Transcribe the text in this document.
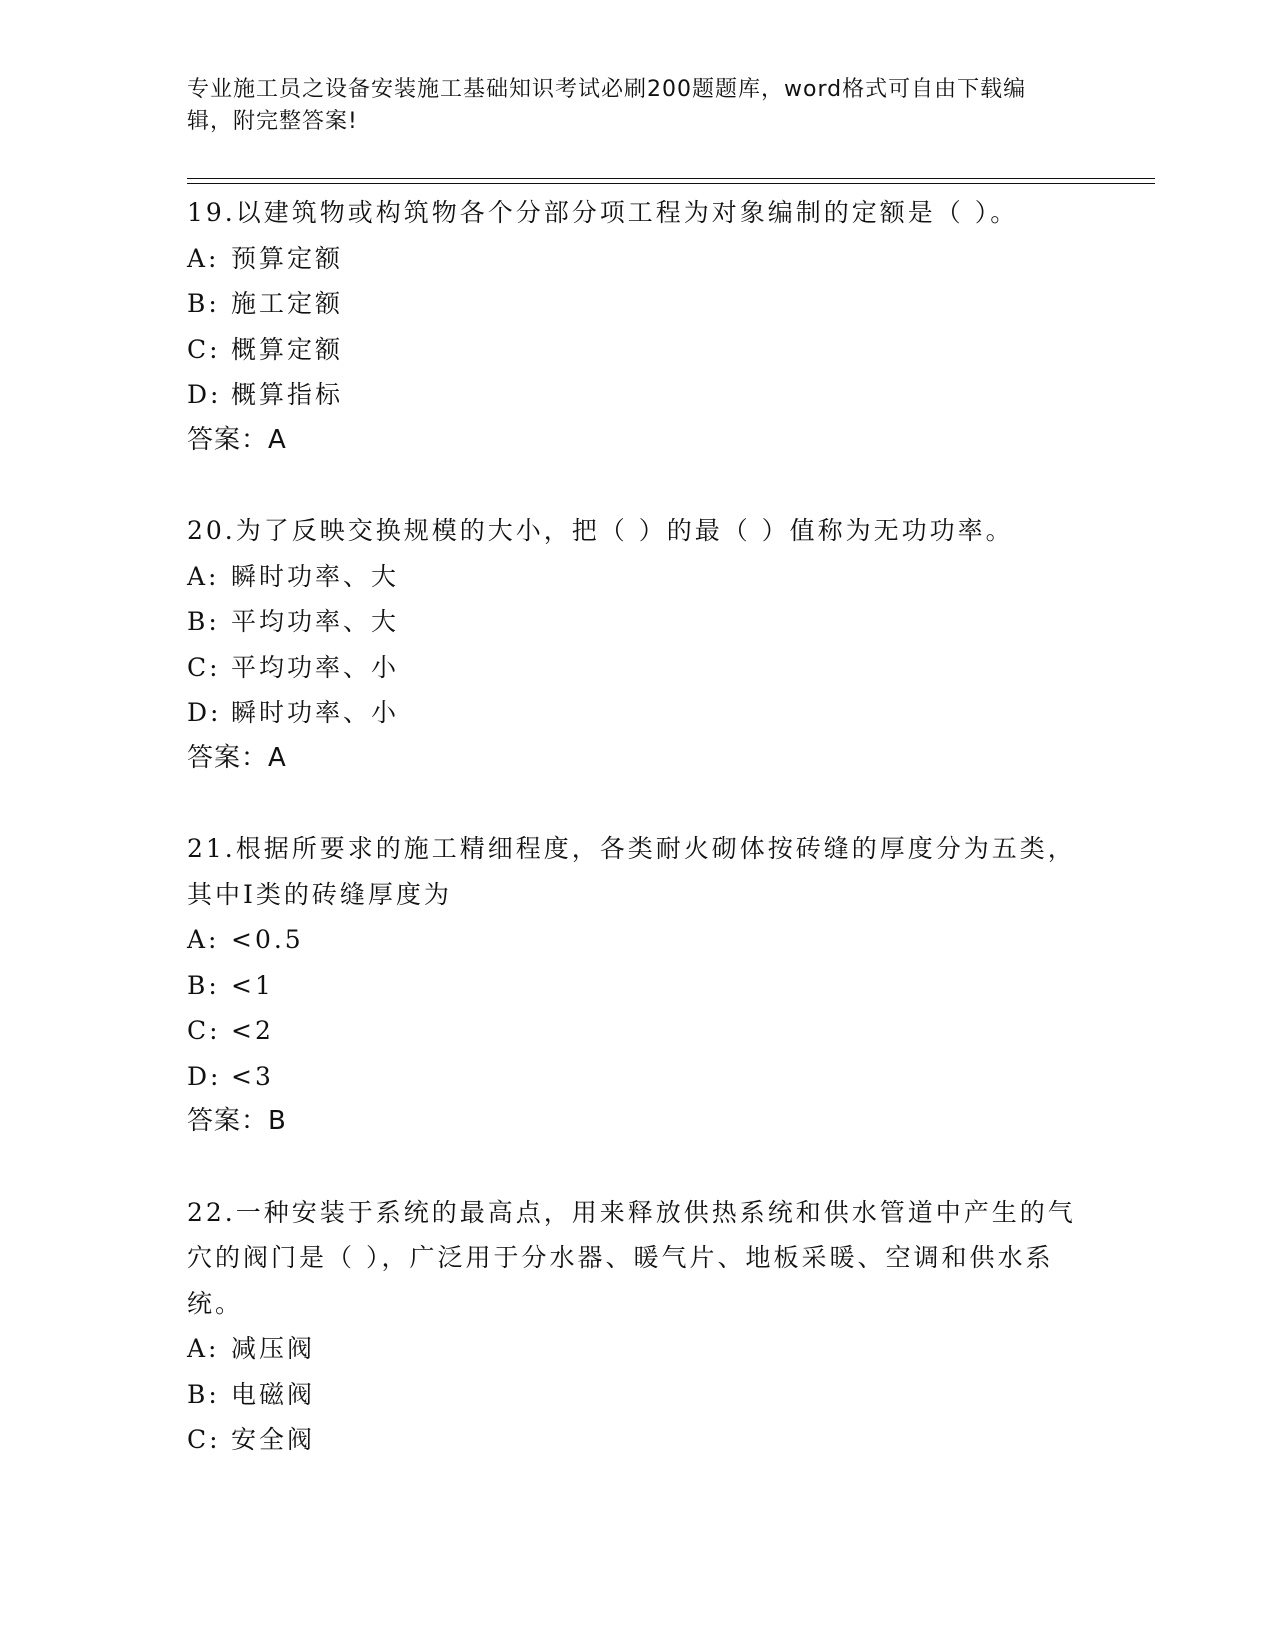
专业施工员之设备安装施工基础知识考试必刷200题题库，word格式可自由下载编辑，附完整答案!
19.以建筑物或构筑物各个分部分项工程为对象编制的定额是（ ）。
A: 预算定额
B: 施工定额
C: 概算定额
D: 概算指标
答案：A
20.为了反映交换规模的大小，把（ ）的最（ ）值称为无功功率。
A: 瞬时功率、大
B: 平均功率、大
C: 平均功率、小
D: 瞬时功率、小
答案：A
21.根据所要求的施工精细程度，各类耐火砌体按砖缝的厚度分为五类，其中Ⅰ类的砖缝厚度为
A: <0.5
B: <1
C: <2
D: <3
答案：B
22.一种安装于系统的最高点，用来释放供热系统和供水管道中产生的气穴的阀门是（ ），广泛用于分水器、暖气片、地板采暖、空调和供水系统。
A: 减压阀
B: 电磁阀
C: 安全阀
